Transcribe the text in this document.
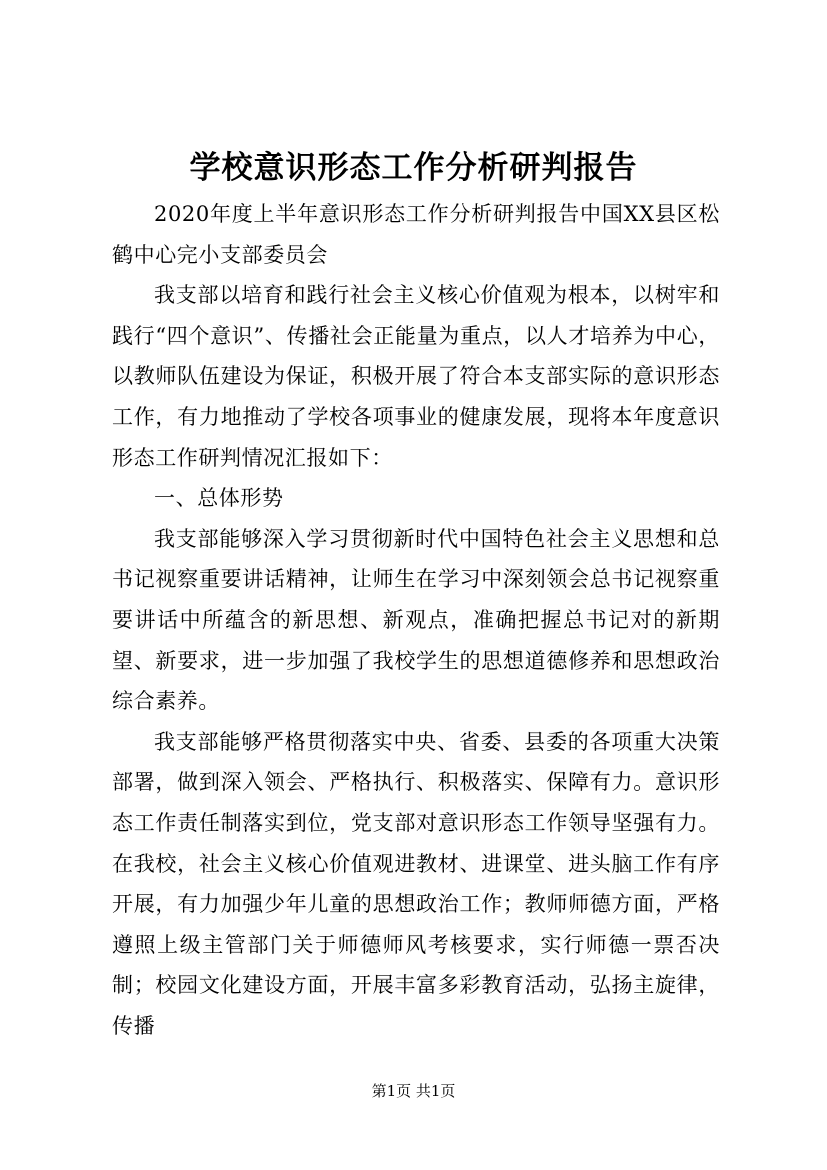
学校意识形态工作分析研判报告

2020年度上半年意识形态工作分析研判报告中国XX县区松鹤中心完小支部委员会

我支部以培育和践行社会主义核心价值观为根本，以树牢和践行“四个意识”、传播社会正能量为重点，以人才培养为中心，以教师队伍建设为保证，积极开展了符合本支部实际的意识形态工作，有力地推动了学校各项事业的健康发展，现将本年度意识形态工作研判情况汇报如下：

一、总体形势

我支部能够深入学习贯彻新时代中国特色社会主义思想和总书记视察重要讲话精神，让师生在学习中深刻领会总书记视察重要讲话中所蕴含的新思想、新观点，准确把握总书记对的新期望、新要求，进一步加强了我校学生的思想道德修养和思想政治综合素养。

我支部能够严格贯彻落实中央、省委、县委的各项重大决策部署，做到深入领会、严格执行、积极落实、保障有力。意识形态工作责任制落实到位，党支部对意识形态工作领导坚强有力。在我校，社会主义核心价值观进教材、进课堂、进头脑工作有序开展，有力加强少年儿童的思想政治工作；教师师德方面，严格遵照上级主管部门关于师德师风考核要求，实行师德一票否决制；校园文化建设方面，开展丰富多彩教育活动，弘扬主旋律，传播

第1页 共1页
